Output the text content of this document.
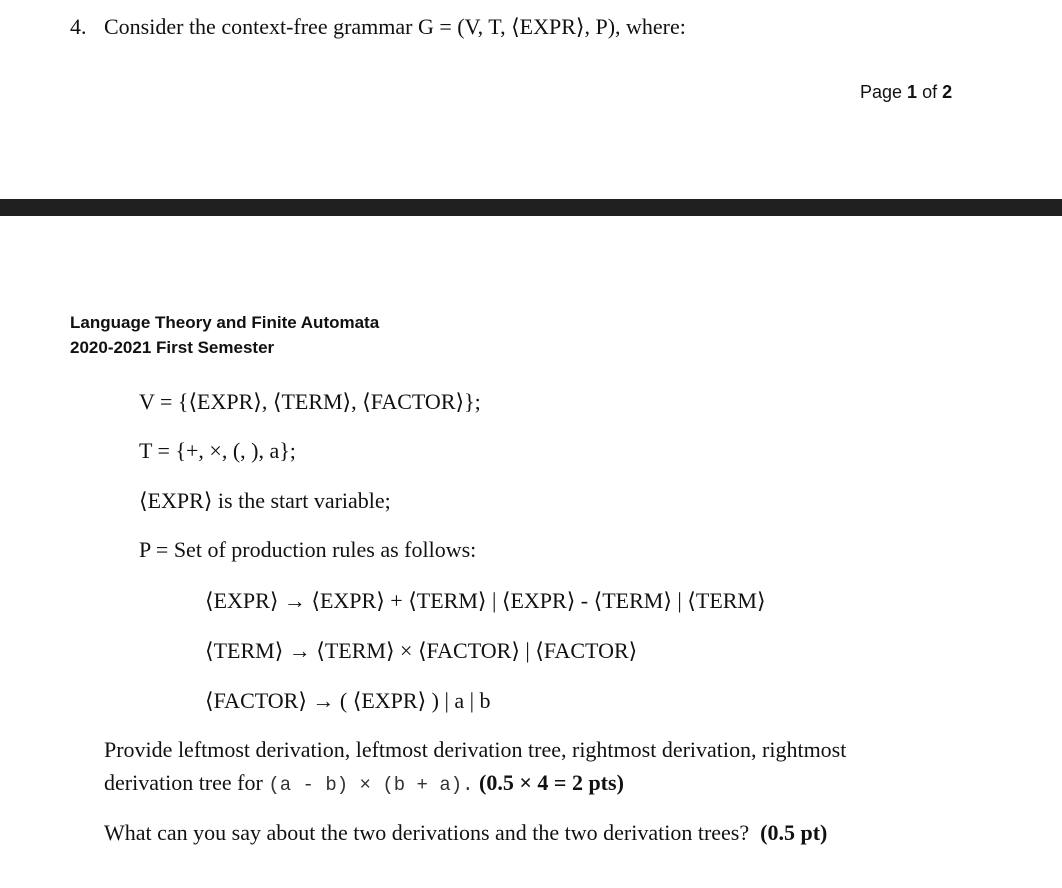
4. Consider the context-free grammar G = (V, T, ⟨EXPR⟩, P), where:
Page 1 of 2
Language Theory and Finite Automata
2020-2021 First Semester
V = {⟨EXPR⟩, ⟨TERM⟩, ⟨FACTOR⟩};
T = {+, ×, (, ), a};
⟨EXPR⟩ is the start variable;
P = Set of production rules as follows:
⟨EXPR⟩ → ⟨EXPR⟩ + ⟨TERM⟩ | ⟨EXPR⟩ - ⟨TERM⟩ | ⟨TERM⟩
⟨TERM⟩ → ⟨TERM⟩ × ⟨FACTOR⟩ | ⟨FACTOR⟩
⟨FACTOR⟩ → ( ⟨EXPR⟩ ) | a | b
Provide leftmost derivation, leftmost derivation tree, rightmost derivation, rightmost
derivation tree for (a - b) × (b + a). (0.5 × 4 = 2 pts)
What can you say about the two derivations and the two derivation trees? (0.5 pt)
